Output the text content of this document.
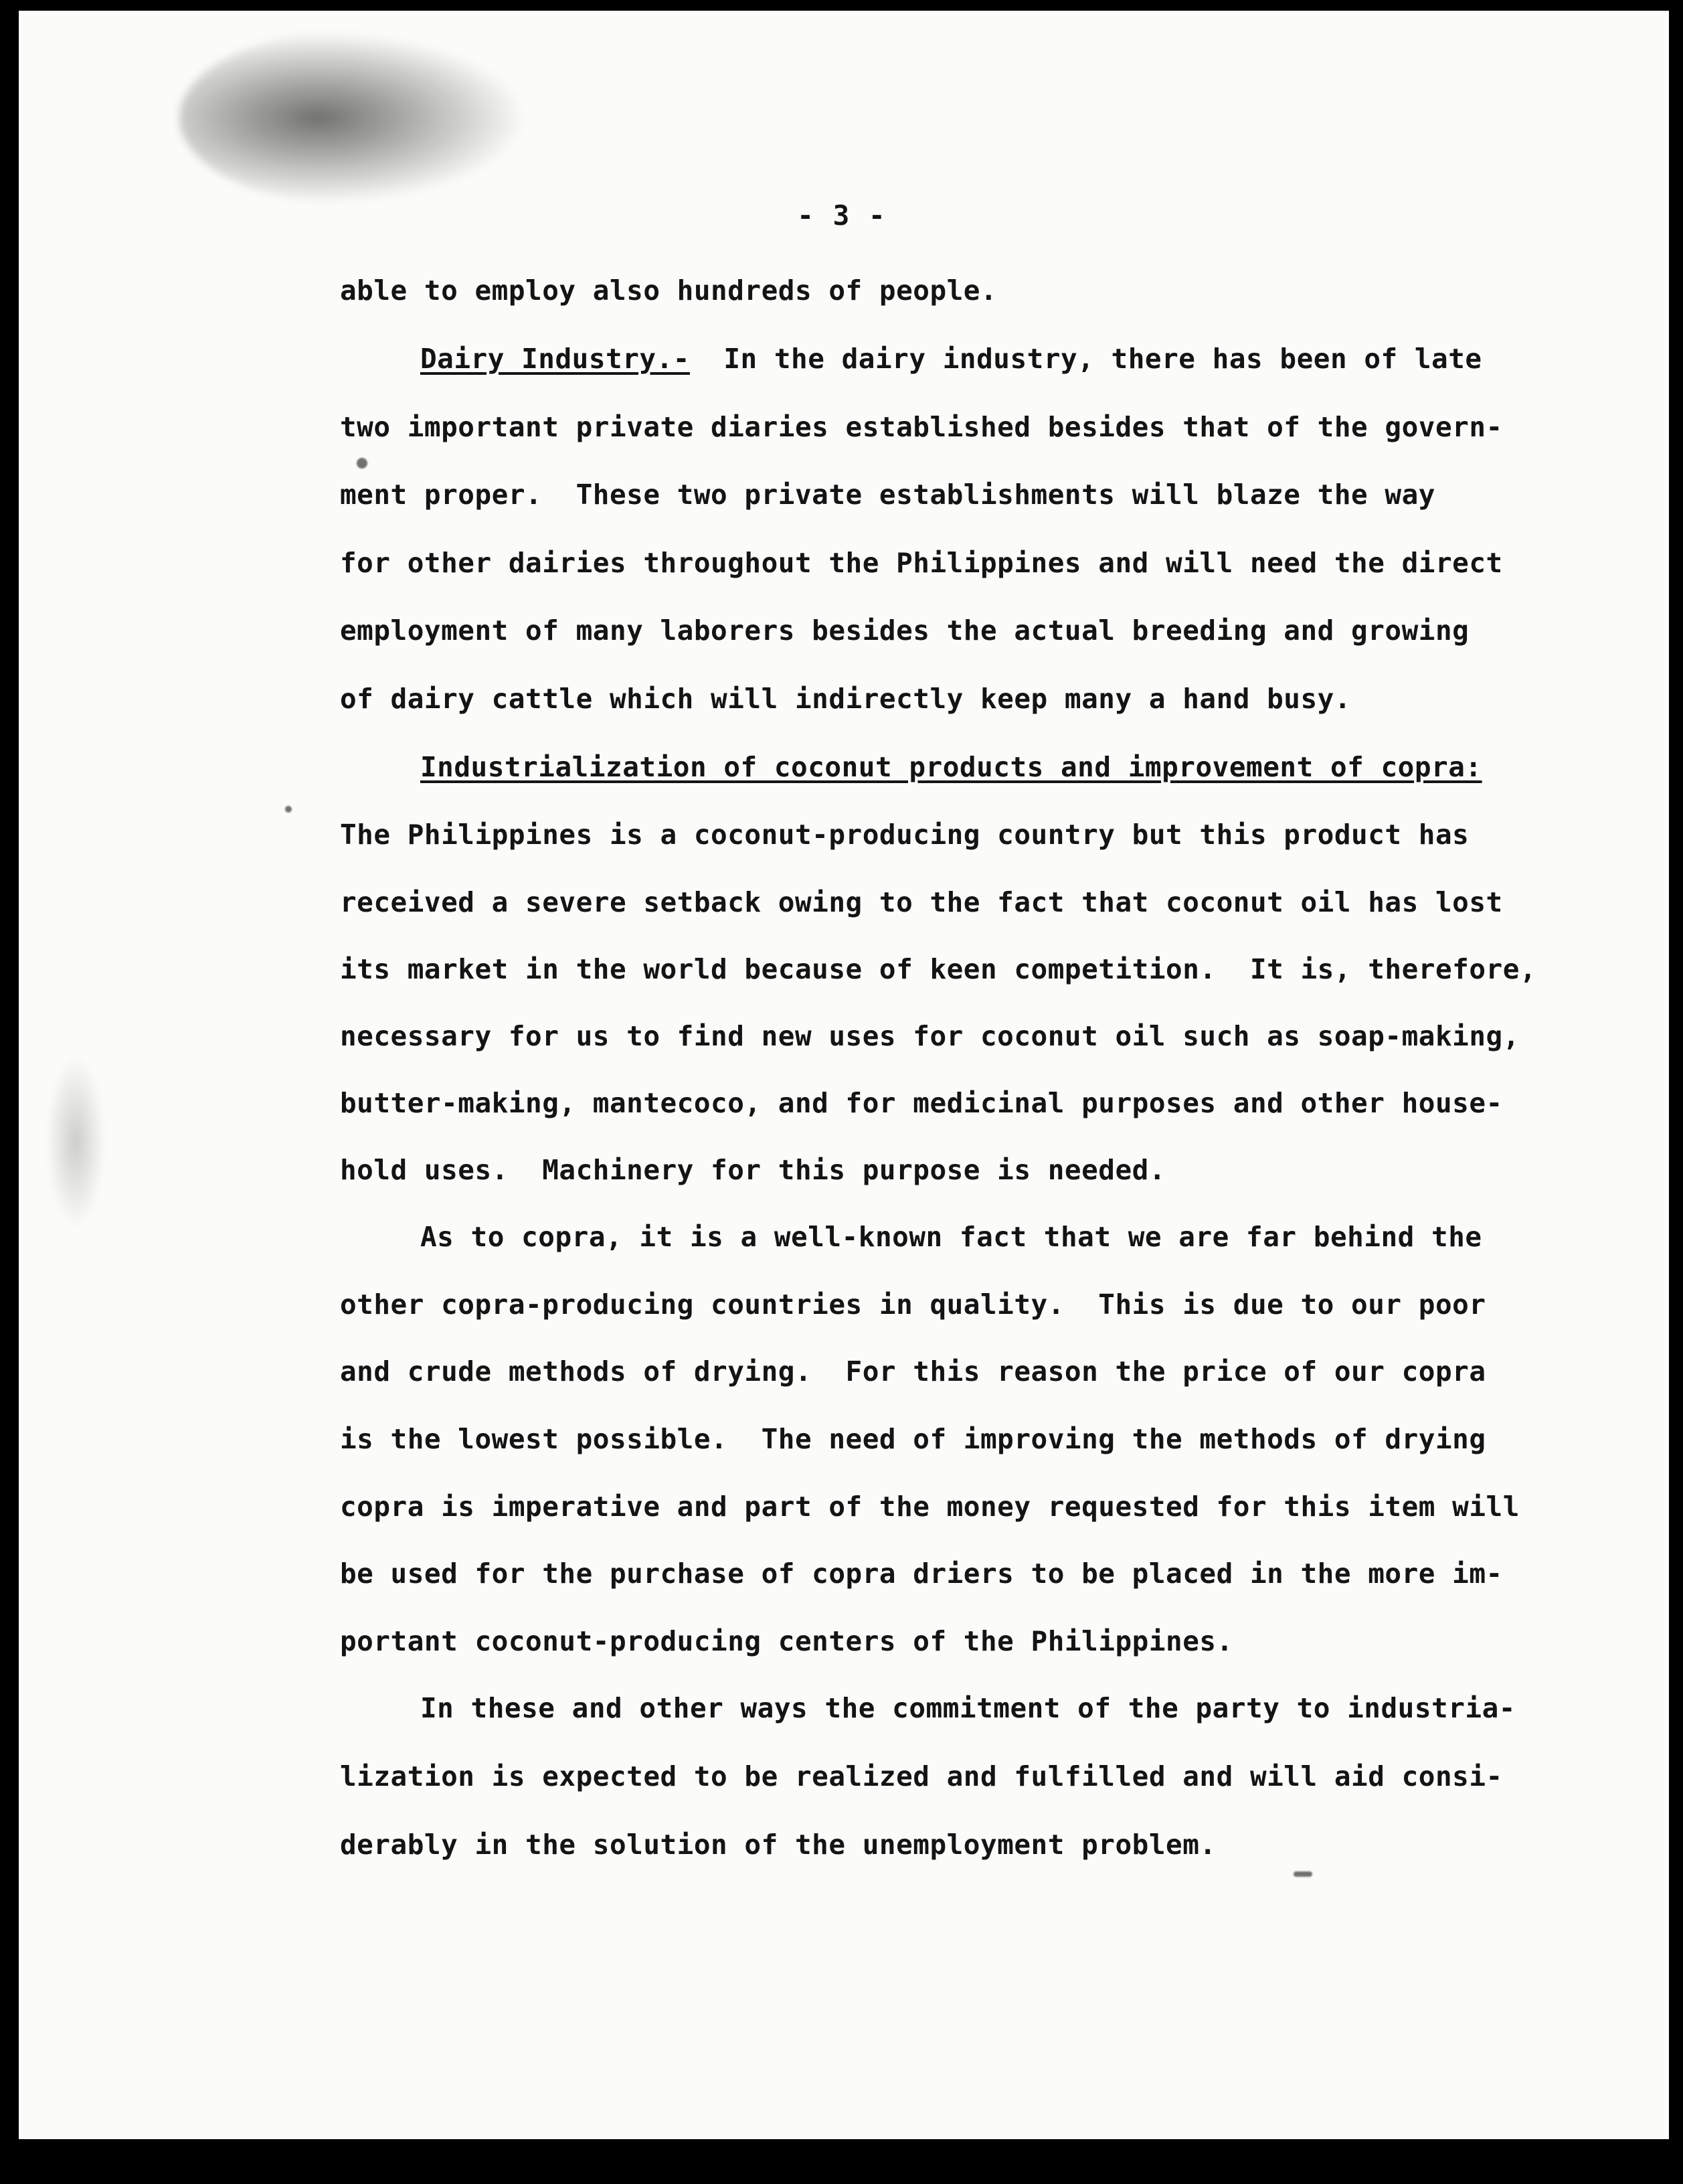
- 3 -
able to employ also hundreds of people.
Dairy Industry.-  In the dairy industry, there has been of late
two important private diaries established besides that of the govern-
ment proper.  These two private establishments will blaze the way
for other dairies throughout the Philippines and will need the direct
employment of many laborers besides the actual breeding and growing
of dairy cattle which will indirectly keep many a hand busy.
Industrialization of coconut products and improvement of copra:
The Philippines is a coconut-producing country but this product has
received a severe setback owing to the fact that coconut oil has lost
its market in the world because of keen competition.  It is, therefore,
necessary for us to find new uses for coconut oil such as soap-making,
butter-making, mantecoco, and for medicinal purposes and other house-
hold uses.  Machinery for this purpose is needed.
As to copra, it is a well-known fact that we are far behind the
other copra-producing countries in quality.  This is due to our poor
and crude methods of drying.  For this reason the price of our copra
is the lowest possible.  The need of improving the methods of drying
copra is imperative and part of the money requested for this item will
be used for the purchase of copra driers to be placed in the more im-
portant coconut-producing centers of the Philippines.
In these and other ways the commitment of the party to industria-
lization is expected to be realized and fulfilled and will aid consi-
derably in the solution of the unemployment problem.
